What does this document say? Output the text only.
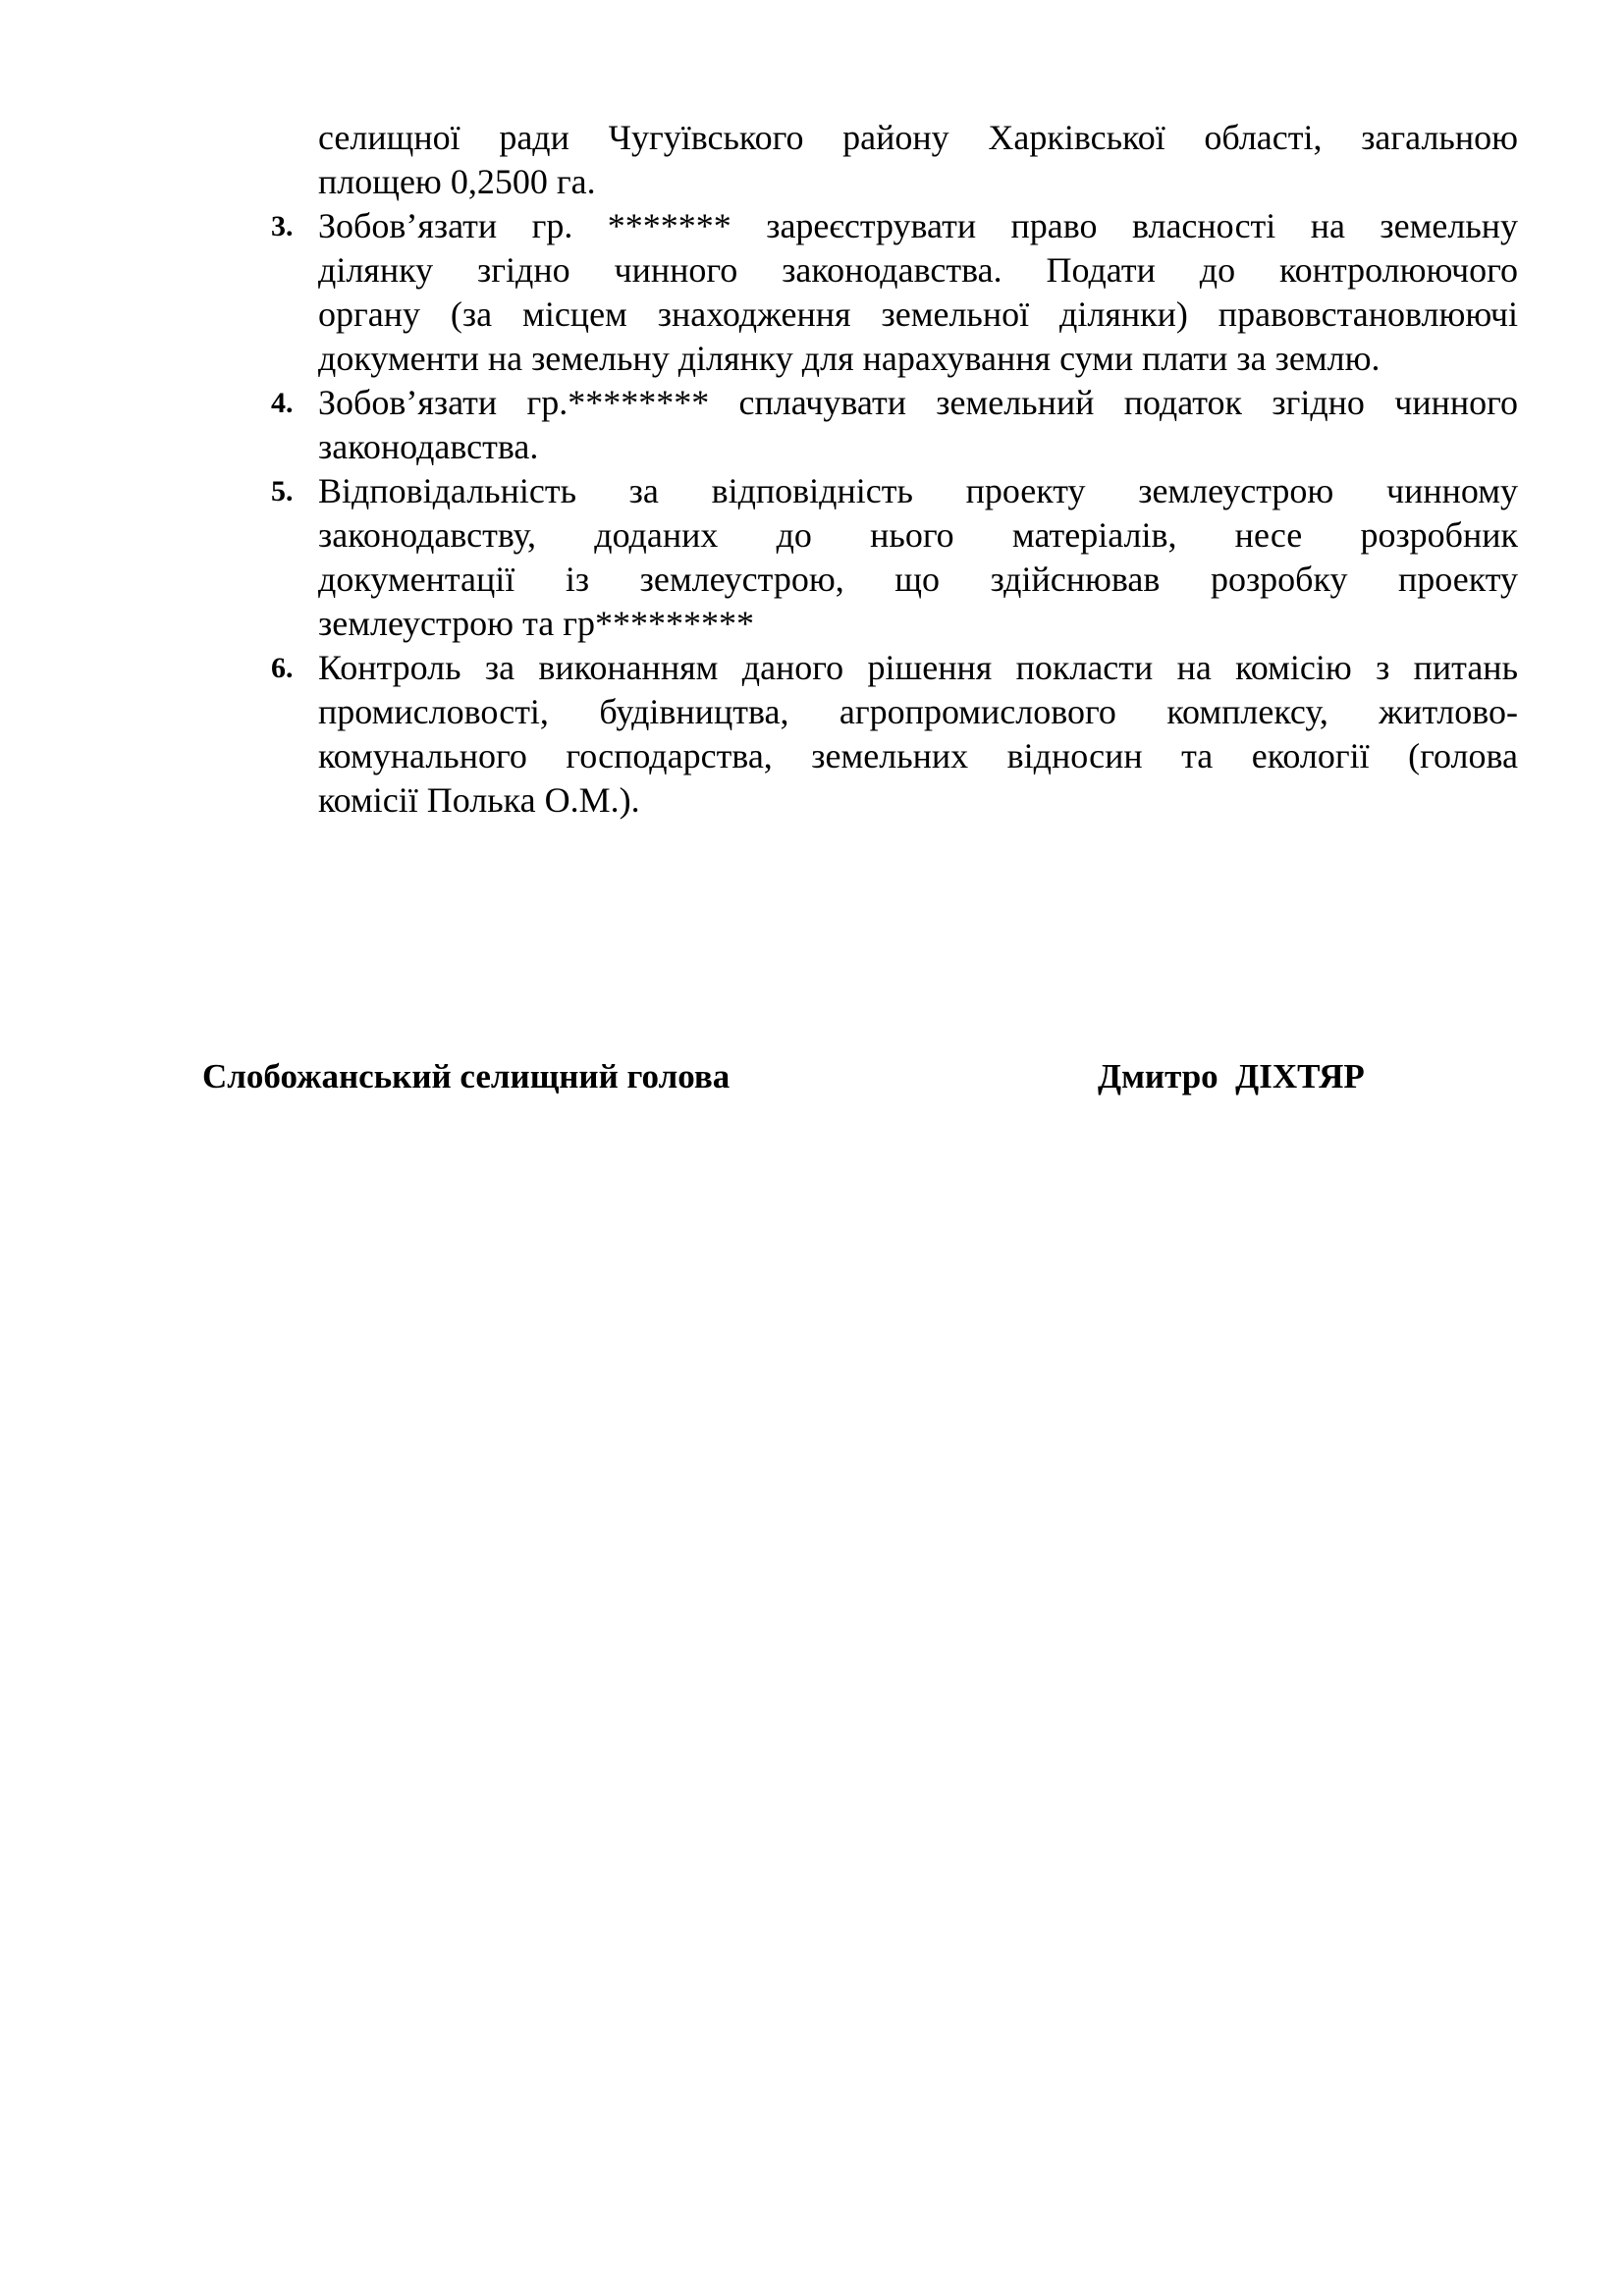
селищної ради Чугуївського району Харківської області, загальною
площею 0,2500 га.
3. Зобов’язати гр. ******* зареєструвати право власності на земельну
ділянку згідно чинного законодавства. Подати до контролюючого
органу (за місцем знаходження земельної ділянки) правовстановлюючі
документи на земельну ділянку для нарахування суми плати за землю.
4. Зобов’язати гр.******** сплачувати земельний податок згідно чинного
законодавства.
5. Відповідальність за відповідність проекту землеустрою чинному
законодавству, доданих до нього матеріалів, несе розробник
документації із землеустрою, що здійснював розробку проекту
землеустрою та гр*********
6. Контроль за виконанням даного рішення покласти на комісію з питань
промисловості, будівництва, агропромислового комплексу, житлово-
комунального господарства, земельних відносин та екології (голова
комісії Полька О.М.).
Слобожанський селищний голова	Дмитро  ДІХТЯР
